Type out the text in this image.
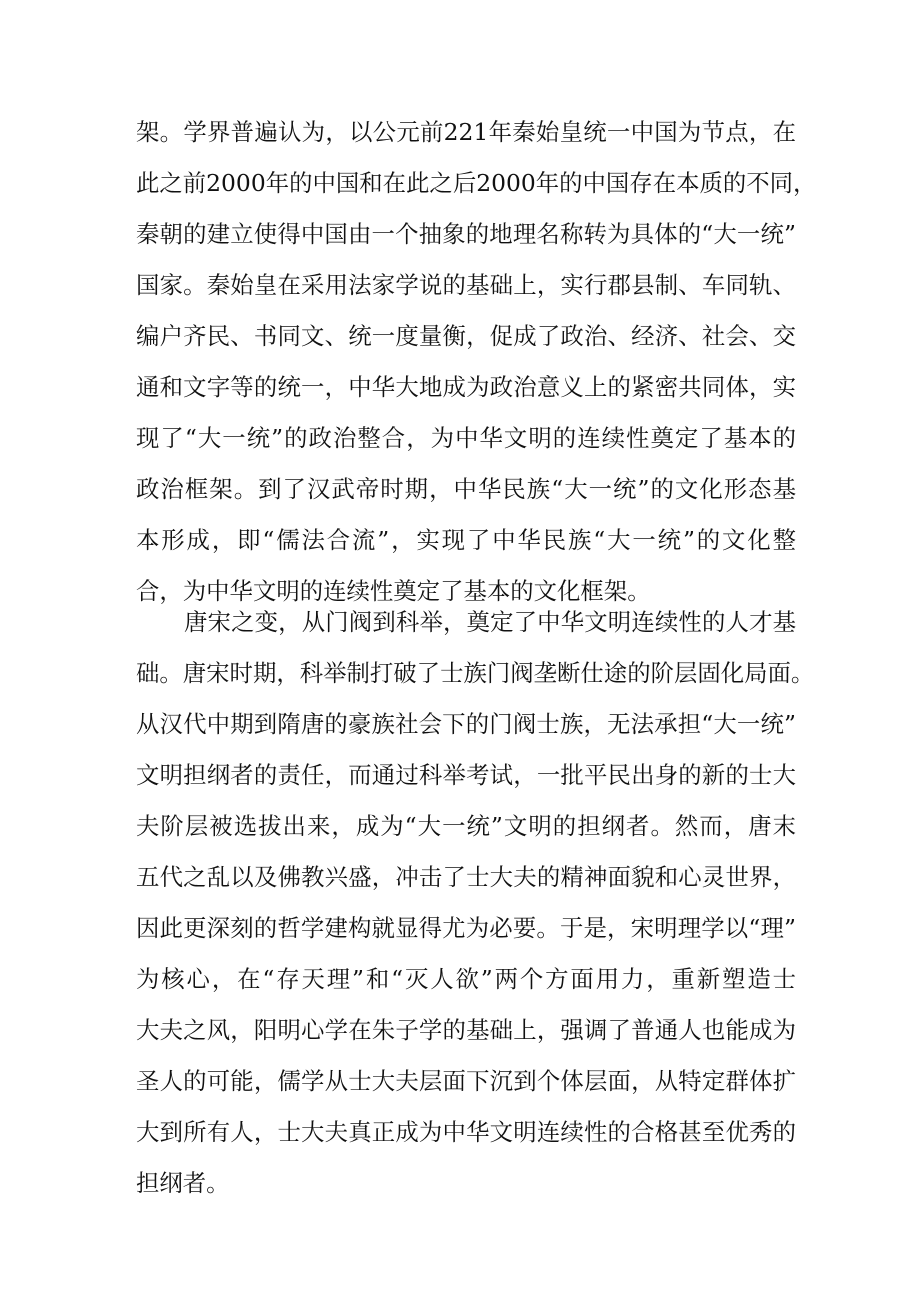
架。学界普遍认为，以公元前221年秦始皇统一中国为节点，在
此之前2000年的中国和在此之后2000年的中国存在本质的不同，
秦朝的建立使得中国由一个抽象的地理名称转为具体的“大一统”
国家。秦始皇在采用法家学说的基础上，实行郡县制、车同轨、
编户齐民、书同文、统一度量衡，促成了政治、经济、社会、交
通和文字等的统一，中华大地成为政治意义上的紧密共同体，实
现了“大一统”的政治整合，为中华文明的连续性奠定了基本的
政治框架。到了汉武帝时期，中华民族“大一统”的文化形态基
本形成，即“儒法合流”，实现了中华民族“大一统”的文化整
合，为中华文明的连续性奠定了基本的文化框架。
唐宋之变，从门阀到科举，奠定了中华文明连续性的人才基
础。唐宋时期，科举制打破了士族门阀垄断仕途的阶层固化局面。
从汉代中期到隋唐的豪族社会下的门阀士族，无法承担“大一统”
文明担纲者的责任，而通过科举考试，一批平民出身的新的士大
夫阶层被选拔出来，成为“大一统”文明的担纲者。然而，唐末
五代之乱以及佛教兴盛，冲击了士大夫的精神面貌和心灵世界，
因此更深刻的哲学建构就显得尤为必要。于是，宋明理学以“理”
为核心，在“存天理”和“灭人欲”两个方面用力，重新塑造士
大夫之风，阳明心学在朱子学的基础上，强调了普通人也能成为
圣人的可能，儒学从士大夫层面下沉到个体层面，从特定群体扩
大到所有人，士大夫真正成为中华文明连续性的合格甚至优秀的
担纲者。
